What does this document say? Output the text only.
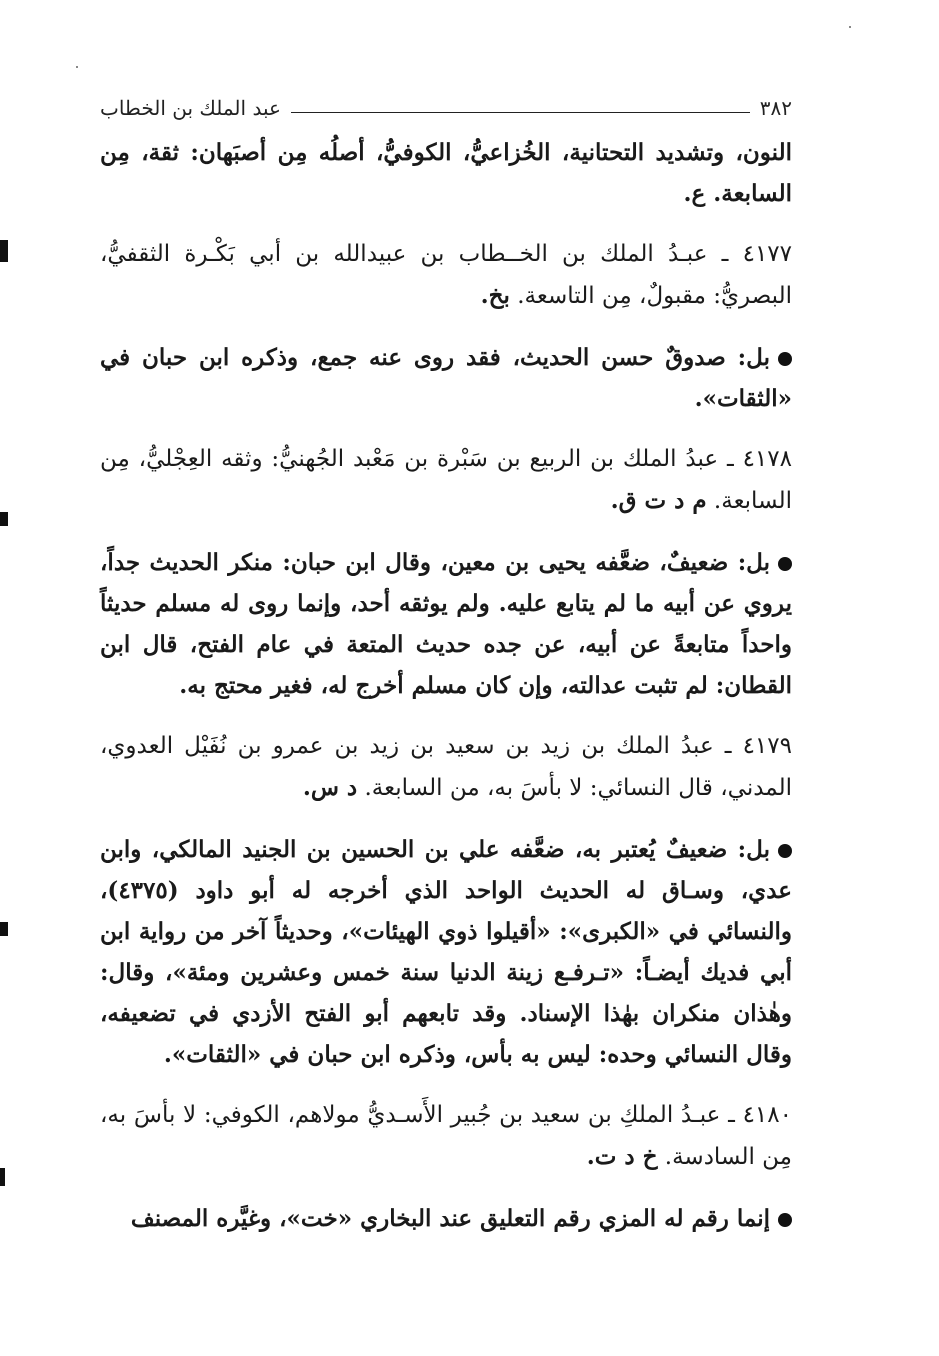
٣٨٢
عبد الملك بن الخطاب

النون، وتشديد التحتانية، الخُزاعيُّ، الكوفيُّ، أصلُه مِن أصبَهان: ثقة، مِن السابعة. ع.

٤١٧٧ ـ عبـدُ الملك بن الخــطاب بن عبيدالله بن أبي بَكْـرة الثقفيُّ، البصريُّ: مقبولٌ، مِن التاسعة. بخ.

بل: صدوقٌ حسن الحديث، فقد روى عنه جمع، وذكره ابن حبان في «الثقات».

٤١٧٨ ـ عبدُ الملك بن الربيع بن سَبْرة بن مَعْبد الجُهنيُّ: وثقه العِجْليُّ، مِن السابعة. م د ت ق.

بل: ضعيفٌ، ضعَّفه يحيى بن معين، وقال ابن حبان: منكر الحديث جداً، يروي عن أبيه ما لم يتابع عليه. ولم يوثقه أحد، وإنما روى له مسلم حديثاً واحداً متابعةً عن أبيه، عن جده حديث المتعة في عام الفتح، قال ابن القطان: لم تثبت عدالته، وإن كان مسلم أخرج له، فغير محتج به.

٤١٧٩ ـ عبدُ الملك بن زيد بن سعيد بن زيد بن عمرو بن نُفَيْل العدوي، المدني، قال النسائي: لا بأسَ به، من السابعة. د س.

بل: ضعيفٌ يُعتبر به، ضعَّفه علي بن الحسين بن الجنيد المالكي، وابن عدي، وسـاق له الحديث الواحد الذي أخرجه له أبو داود (٤٣٧٥)، والنسائي في «الكبرى»: «أقيلوا ذوي الهيئات»، وحديثاً آخر من رواية ابن أبي فديك أيضـاً: «تـرفـع زينة الدنيا سنة خمس وعشرين ومئة»، وقال: وهٰذان منكران بهٰذا الإسناد. وقد تابعهم أبو الفتح الأزدي في تضعيفه، وقال النسائي وحده: ليس به بأس، وذكره ابن حبان في «الثقات».

٤١٨٠ ـ عبـدُ الملكِ بن سعيد بن جُبير الأَسـديُّ مولاهم، الكوفي: لا بأسَ به، مِن السادسة. خ د ت.

إنما رقم له المزي رقم التعليق عند البخاري «خت»، وغيَّره المصنف
